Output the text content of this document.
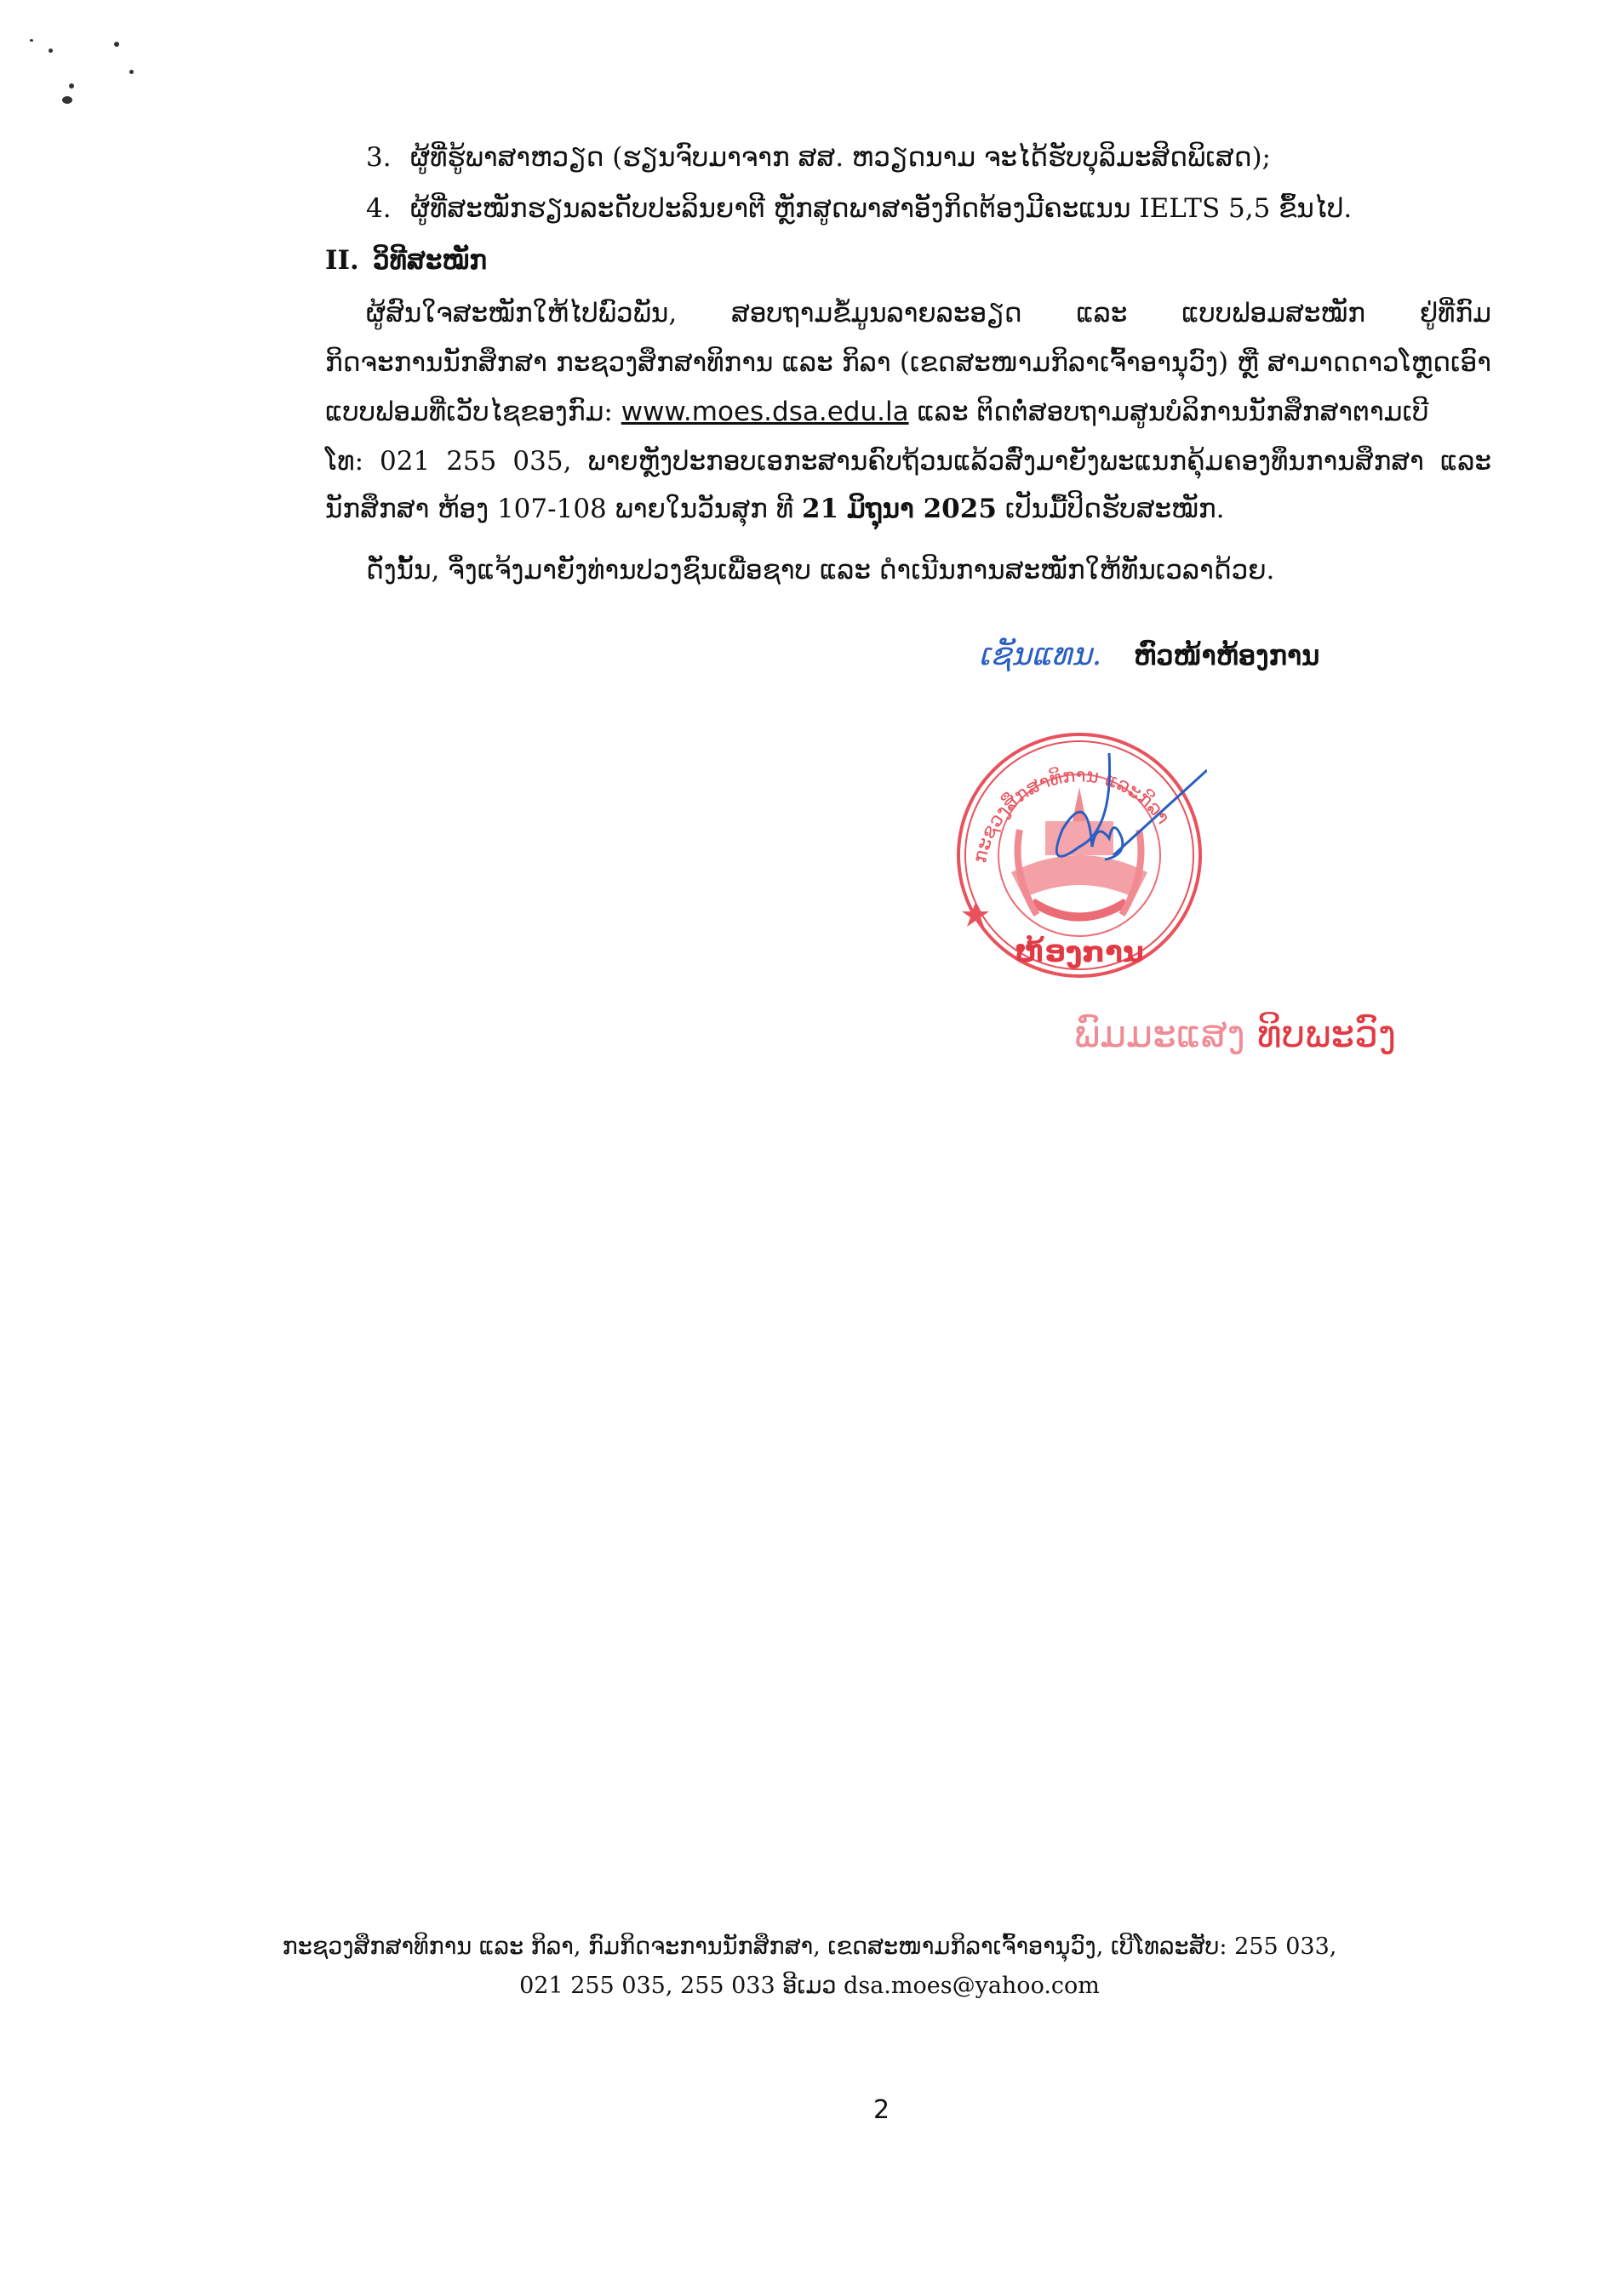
3. ຜູ້ທີ່ຮູ້ພາສາຫວຽດ (ຮຽນຈົບມາຈາກ ສສ. ຫວຽດນາມ ຈະໄດ້ຮັບບຸລິມະສິດພິເສດ);
4. ຜູ້ທີ່ສະໝັກຮຽນລະດັບປະລິນຍາຕີ ຫຼັກສູດພາສາອັງກິດຕ້ອງມີຄະແນນ IELTS 5,5 ຂຶ້ນໄປ.
II. ວິທີສະໝັກ
ຜູ້ສົນໃຈສະໝັກໃຫ້ໄປພົວພັນ, ສອບຖາມຂໍ້ມູນລາຍລະອຽດ ແລະ ແບບຟອມສະໝັກ ຢູ່ທີ່ກົມ
ກິດຈະການນັກສຶກສາ ກະຊວງສຶກສາທິການ ແລະ ກິລາ (ເຂດສະໜາມກິລາເຈົ້າອານຸວົງ) ຫຼື ສາມາດດາວໂຫຼດເອົາ
ແບບຟອມທີ່ເວັບໄຊຂອງກົມ: www.moes.dsa.edu.la ແລະ ຕິດຕໍ່ສອບຖາມສູນບໍລິການນັກສຶກສາຕາມເບີ
ໂທ: 021 255 035, ພາຍຫຼັງປະກອບເອກະສານຄົບຖ້ວນແລ້ວສົ່ງມາຍັງພະແນກຄຸ້ມຄອງທຶນການສຶກສາ ແລະ
ນັກສຶກສາ ຫ້ອງ 107-108 ພາຍໃນວັນສຸກ ທີ 21 ມິຖຸນາ 2025 ເປັນມື້ປິດຮັບສະໝັກ.
ດັ່ງນັ້ນ, ຈຶ່ງແຈ້ງມາຍັງທ່ານປວງຊົນເພື່ອຊາບ ແລະ ດຳເນີນການສະໝັກໃຫ້ທັນເວລາດ້ວຍ.
ເຊັນແທນ. ຫົວໜ້າຫ້ອງການ
ກະຊວງສຶກສາທິການ ແລະກິລາ
ຫ້ອງການ
ພົມມະແສງ ທິບພະວົງ
ກະຊວງສຶກສາທິການ ແລະ ກິລາ, ກົມກິດຈະການນັກສຶກສາ, ເຂດສະໜາມກິລາເຈົ້າອານຸວົງ, ເບີໂທລະສັບ: 255 033,
021 255 035, 255 033 ອີເມວ dsa.moes@yahoo.com
2
